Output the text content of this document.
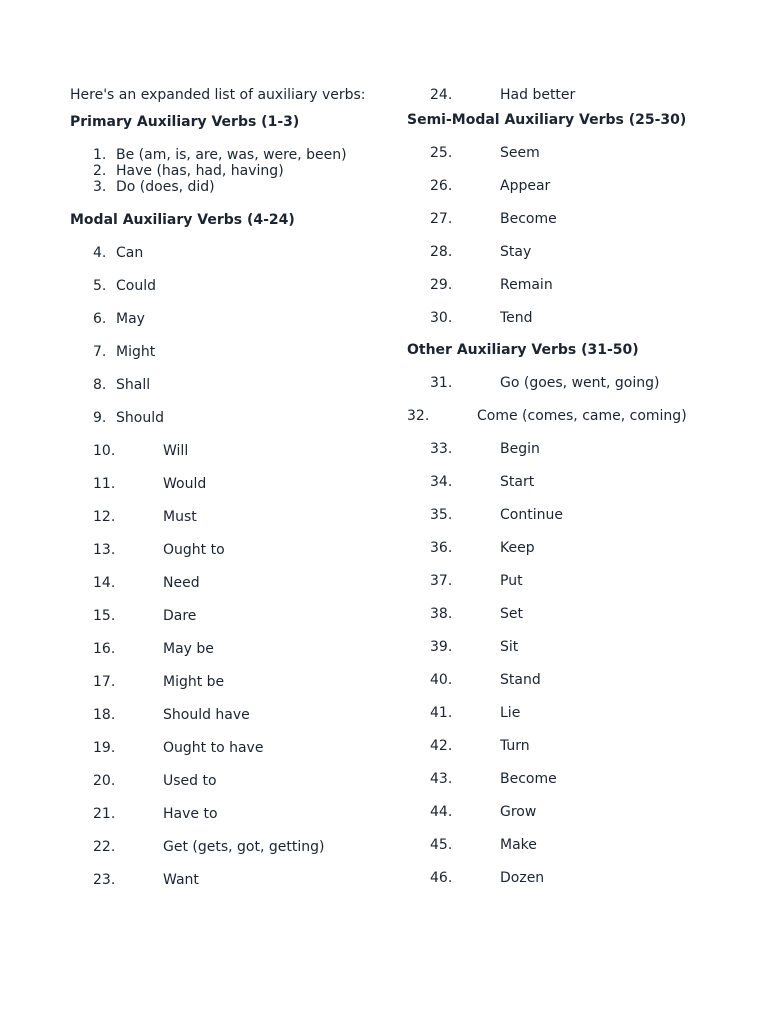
Here's an expanded list of auxiliary verbs:

Primary Auxiliary Verbs (1-3)

1. Be (am, is, are, was, were, been)
2. Have (has, had, having)
3. Do (does, did)

Modal Auxiliary Verbs (4-24)

4. Can
5. Could
6. May
7. Might
8. Shall
9. Should
10.	Will
11.	Would
12.	Must
13.	Ought to
14.	Need
15.	Dare
16.	May be
17.	Might be
18.	Should have
19.	Ought to have
20.	Used to
21.	Have to
22.	Get (gets, got, getting)
23.	Want
24.	Had better

Semi-Modal Auxiliary Verbs (25-30)

25.	Seem
26.	Appear
27.	Become
28.	Stay
29.	Remain
30.	Tend

Other Auxiliary Verbs (31-50)

31.	Go (goes, went, going)
32.	Come (comes, came, coming)
33.	Begin
34.	Start
35.	Continue
36.	Keep
37.	Put
38.	Set
39.	Sit
40.	Stand
41.	Lie
42.	Turn
43.	Become
44.	Grow
45.	Make
46.	Dozen
